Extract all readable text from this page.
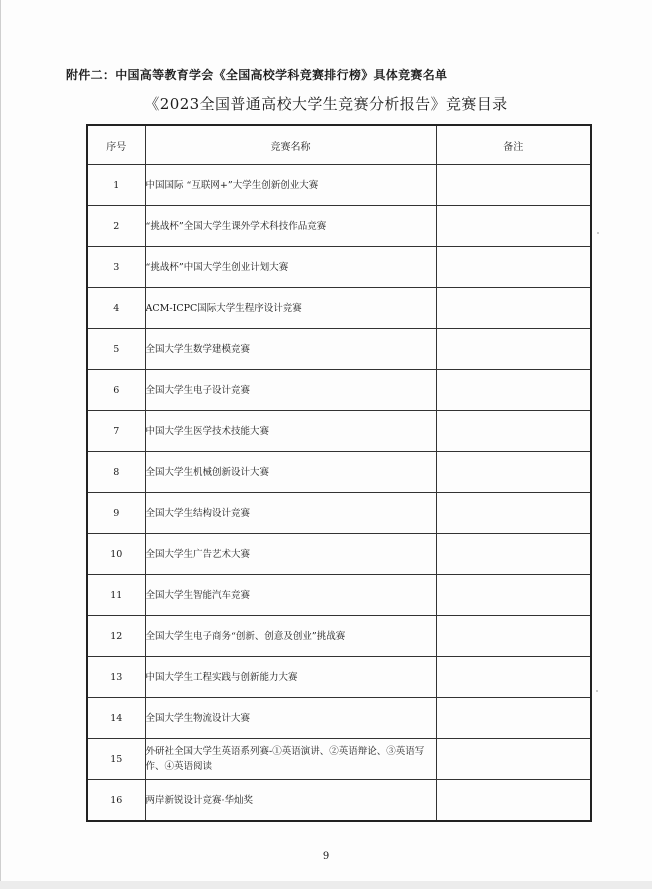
附件二：中国高等教育学会《全国高校学科竞赛排行榜》具体竞赛名单
《2023全国普通高校大学生竞赛分析报告》竞赛目录
序号	竞赛名称	备注
1	中国国际 “互联网+”大学生创新创业大赛	
2	“挑战杯”全国大学生课外学术科技作品竞赛	
3	“挑战杯”中国大学生创业计划大赛	
4	ACM-ICPC国际大学生程序设计竞赛	
5	全国大学生数学建模竞赛	
6	全国大学生电子设计竞赛	
7	中国大学生医学技术技能大赛	
8	全国大学生机械创新设计大赛	
9	全国大学生结构设计竞赛	
10	全国大学生广告艺术大赛	
11	全国大学生智能汽车竞赛	
12	全国大学生电子商务“创新、创意及创业”挑战赛	
13	中国大学生工程实践与创新能力大赛	
14	全国大学生物流设计大赛	
15	外研社全国大学生英语系列赛-①英语演讲、②英语辩论、③英语写作、④英语阅读	
16	两岸新锐设计竞赛·华灿奖	
9
